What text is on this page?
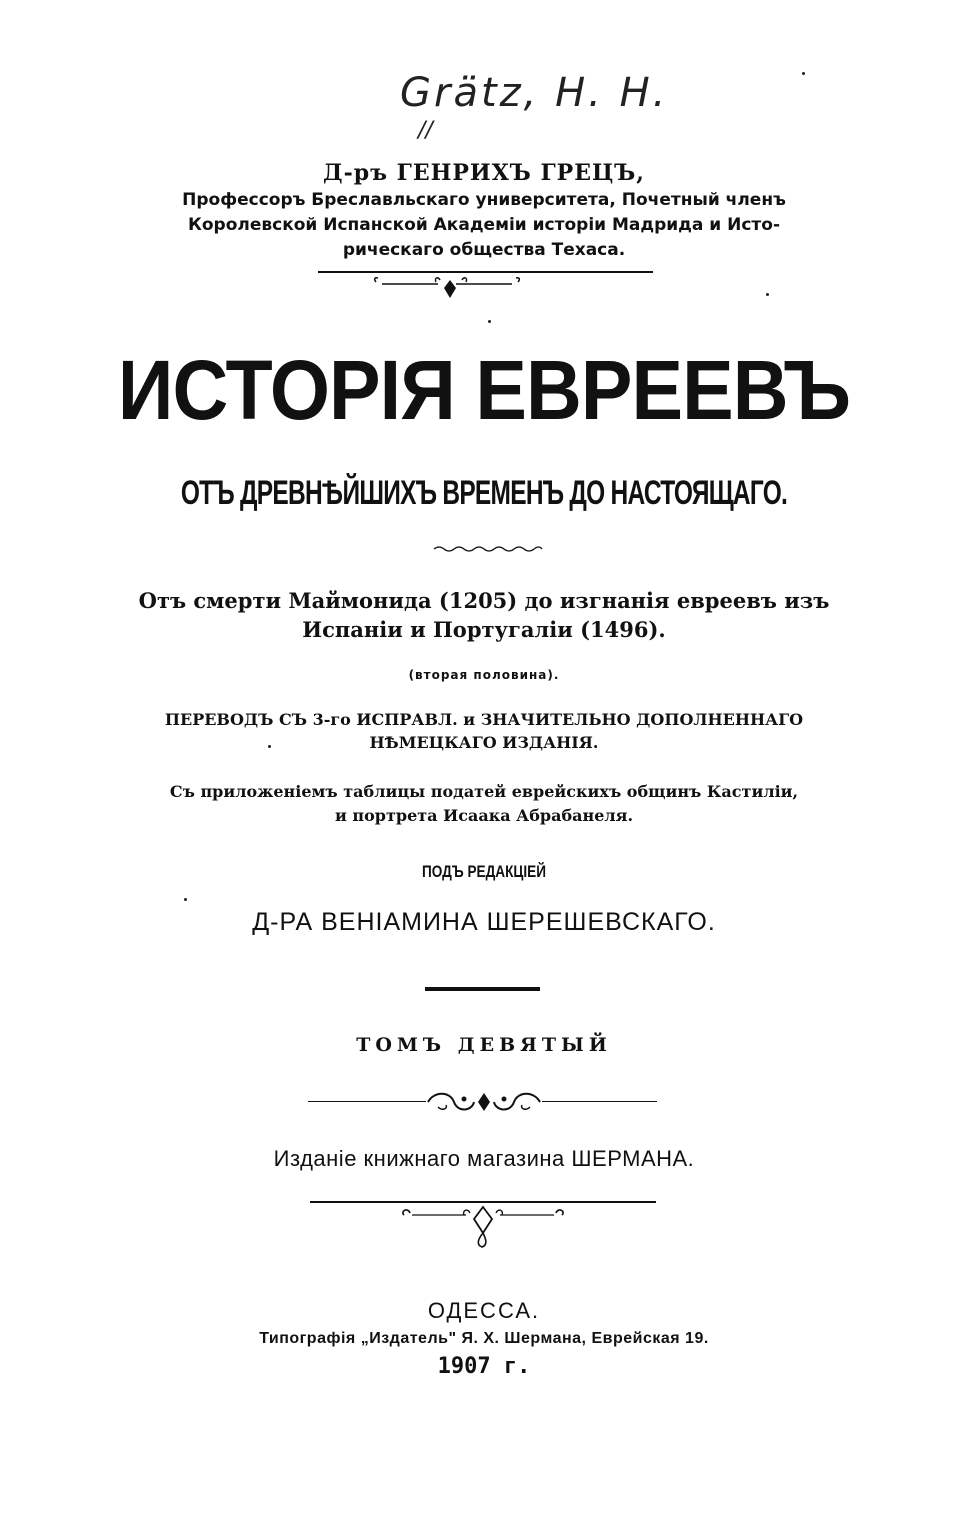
Grätz, H. H.
//
Д-ръ ГЕНРИХЪ ГРЕЦЪ,
Профессоръ Бреславльскаго университета, Почетный членъ
Королевской Испанской Академіи исторіи Мадрида и Исто-
рическаго общества Техаса.
ИСТОРІЯ ЕВРЕЕВЪ
ОТЪ ДРЕВНѢЙШИХЪ ВРЕМЕНЪ ДО НАСТОЯЩАГО.
Отъ смерти Маймонида (1205) до изгнанія евреевъ изъ
Испаніи и Португаліи (1496).
(вторая половина).
ПЕРЕВОДЪ СЪ 3-го ИСПРАВЛ. и ЗНАЧИТЕЛЬНО ДОПОЛНЕННАГО
НѢМЕЦКАГО ИЗДАНІЯ.
Съ приложеніемъ таблицы податей еврейскихъ общинъ Кастиліи,
и портрета Исаака Абрабанеля.
ПОДЪ РЕДАКЦІЕЙ
Д-РА ВЕНІАМИНА ШЕРЕШЕВСКАГО.
ТОМЪ ДЕВЯТЫЙ
Изданіе книжнаго магазина ШЕРМАНА.
ОДЕССА.
Типографія „Издатель" Я. Х. Шермана, Еврейская 19.
1907 г.
